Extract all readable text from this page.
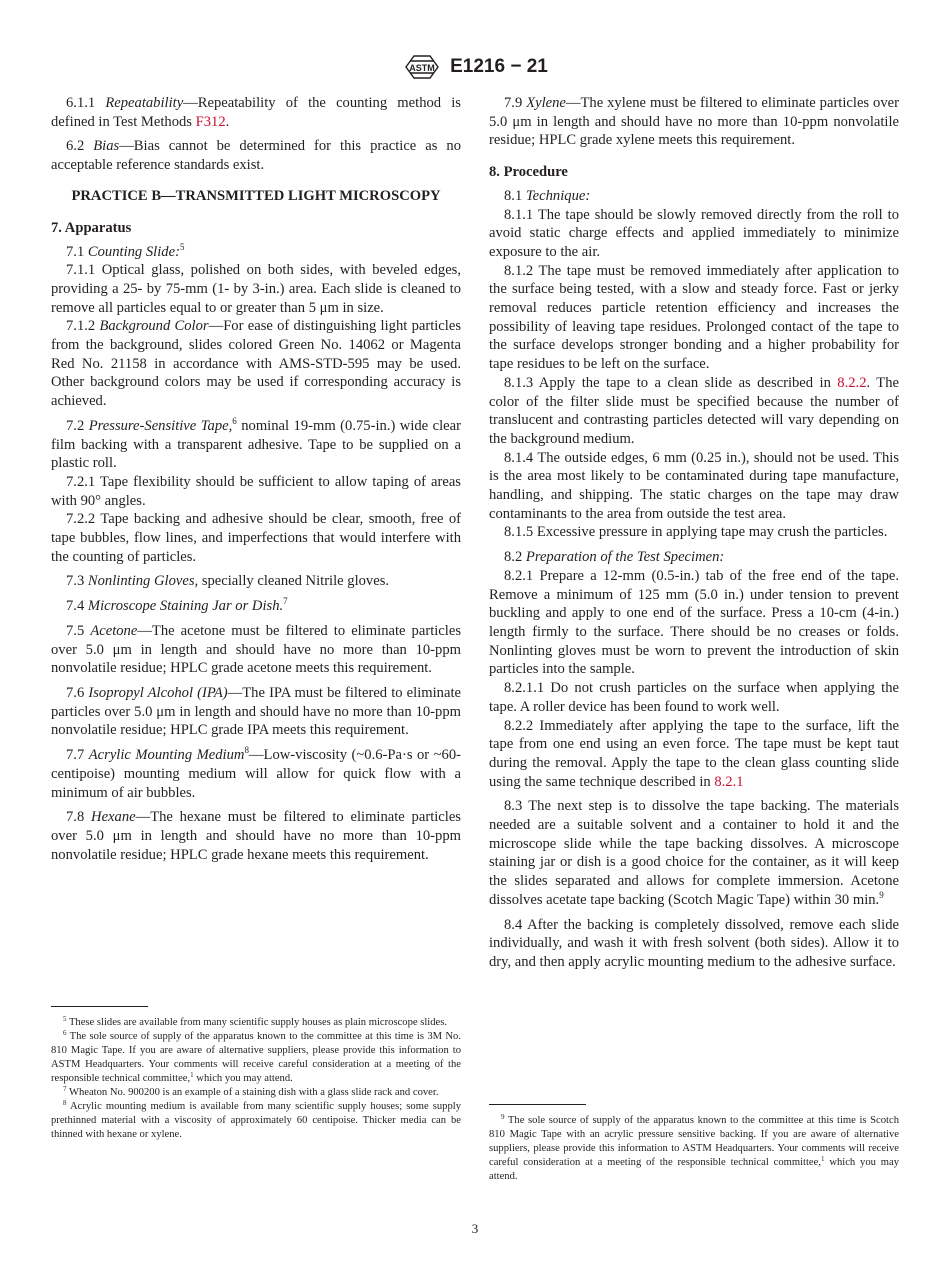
ASTM E1216 − 21

6.1.1 Repeatability—Repeatability of the counting method is defined in Test Methods F312.

6.2 Bias—Bias cannot be determined for this practice as no acceptable reference standards exist.

PRACTICE B—TRANSMITTED LIGHT MICROSCOPY
7. Apparatus

7.1 Counting Slide:$^5$

7.1.1 Optical glass, polished on both sides, with beveled edges, providing a 25- by 75-mm (1- by 3-in.) area. Each slide is cleaned to remove all particles equal to or greater than 5 μm in size.

7.1.2 Background Color—For ease of distinguishing light particles from the background, slides colored Green No. 14062 or Magenta Red No. 21158 in accordance with AMS-STD-595 may be used. Other background colors may be used if corresponding accuracy is achieved.

7.2 Pressure-Sensitive Tape,$^6$ nominal 19-mm (0.75-in.) wide clear film backing with a transparent adhesive. Tape to be supplied on a plastic roll.

7.2.1 Tape flexibility should be sufficient to allow taping of areas with 90° angles.

7.2.2 Tape backing and adhesive should be clear, smooth, free of tape bubbles, flow lines, and imperfections that would interfere with the counting of particles.

7.3 Nonlinting Gloves, specially cleaned Nitrile gloves.

7.4 Microscope Staining Jar or Dish.$^7$

7.5 Acetone—The acetone must be filtered to eliminate particles over 5.0 μm in length and should have no more than 10-ppm nonvolatile residue; HPLC grade acetone meets this requirement.

7.6 Isopropyl Alcohol (IPA)—The IPA must be filtered to eliminate particles over 5.0 μm in length and should have no more than 10-ppm nonvolatile residue; HPLC grade IPA meets this requirement.

7.7 Acrylic Mounting Medium$^8$—Low-viscosity (~0.6-Pa·s or ~60-centipoise) mounting medium will allow for quick flow with a minimum of air bubbles.

7.8 Hexane—The hexane must be filtered to eliminate particles over 5.0 μm in length and should have no more than 10-ppm nonvolatile residue; HPLC grade hexane meets this requirement.

7.9 Xylene—The xylene must be filtered to eliminate particles over 5.0 μm in length and should have no more than 10-ppm nonvolatile residue; HPLC grade xylene meets this requirement.

8. Procedure

8.1 Technique:

8.1.1 The tape should be slowly removed directly from the roll to avoid static charge effects and applied immediately to minimize exposure to the air.

8.1.2 The tape must be removed immediately after application to the surface being tested, with a slow and steady force. Fast or jerky removal reduces particle retention efficiency and increases the possibility of leaving tape residues. Prolonged contact of the tape to the surface develops stronger bonding and a higher probability for tape residues to be left on the surface.

8.1.3 Apply the tape to a clean slide as described in 8.2.2. The color of the filter slide must be specified because the number of translucent and contrasting particles detected will vary depending on the background medium.

8.1.4 The outside edges, 6 mm (0.25 in.), should not be used. This is the area most likely to be contaminated during tape manufacture, handling, and shipping. The static charges on the tape may draw contaminants to the area from outside the test area.

8.1.5 Excessive pressure in applying tape may crush the particles.

8.2 Preparation of the Test Specimen:

8.2.1 Prepare a 12-mm (0.5-in.) tab of the free end of the tape. Remove a minimum of 125 mm (5.0 in.) under tension to prevent buckling and apply to one end of the surface. Press a 10-cm (4-in.) length firmly to the surface. There should be no creases or folds. Nonlinting gloves must be worn to prevent the introduction of skin particles into the sample.

8.2.1.1 Do not crush particles on the surface when applying the tape. A roller device has been found to work well.

8.2.2 Immediately after applying the tape to the surface, lift the tape from one end using an even force. The tape must be kept taut during the removal. Apply the tape to the clean glass counting slide using the same technique described in 8.2.1

8.3 The next step is to dissolve the tape backing. The materials needed are a suitable solvent and a container to hold it and the microscope slide while the tape backing dissolves. A microscope staining jar or dish is a good choice for the container, as it will keep the slides separated and allows for complete immersion. Acetone dissolves acetate tape backing (Scotch Magic Tape) within 30 min.$^9$

8.4 After the backing is completely dissolved, remove each slide individually, and wash it with fresh solvent (both sides). Allow it to dry, and then apply acrylic mounting medium to the adhesive surface.

$^5$ These slides are available from many scientific supply houses as plain microscope slides.

$^6$ The sole source of supply of the apparatus known to the committee at this time is 3M No. 810 Magic Tape. If you are aware of alternative suppliers, please provide this information to ASTM Headquarters. Your comments will receive careful consideration at a meeting of the responsible technical committee,$^1$ which you may attend.

$^7$ Wheaton No. 900200 is an example of a staining dish with a glass slide rack and cover.

$^8$ Acrylic mounting medium is available from many scientific supply houses; some supply prethinned material with a viscosity of approximately 60 centipoise. Thicker media can be thinned with hexane or xylene.

$^9$ The sole source of supply of the apparatus known to the committee at this time is Scotch 810 Magic Tape with an acrylic pressure sensitive backing. If you are aware of alternative suppliers, please provide this information to ASTM Headquarters. Your comments will receive careful consideration at a meeting of the responsible technical committee,$^1$ which you may attend.

3
